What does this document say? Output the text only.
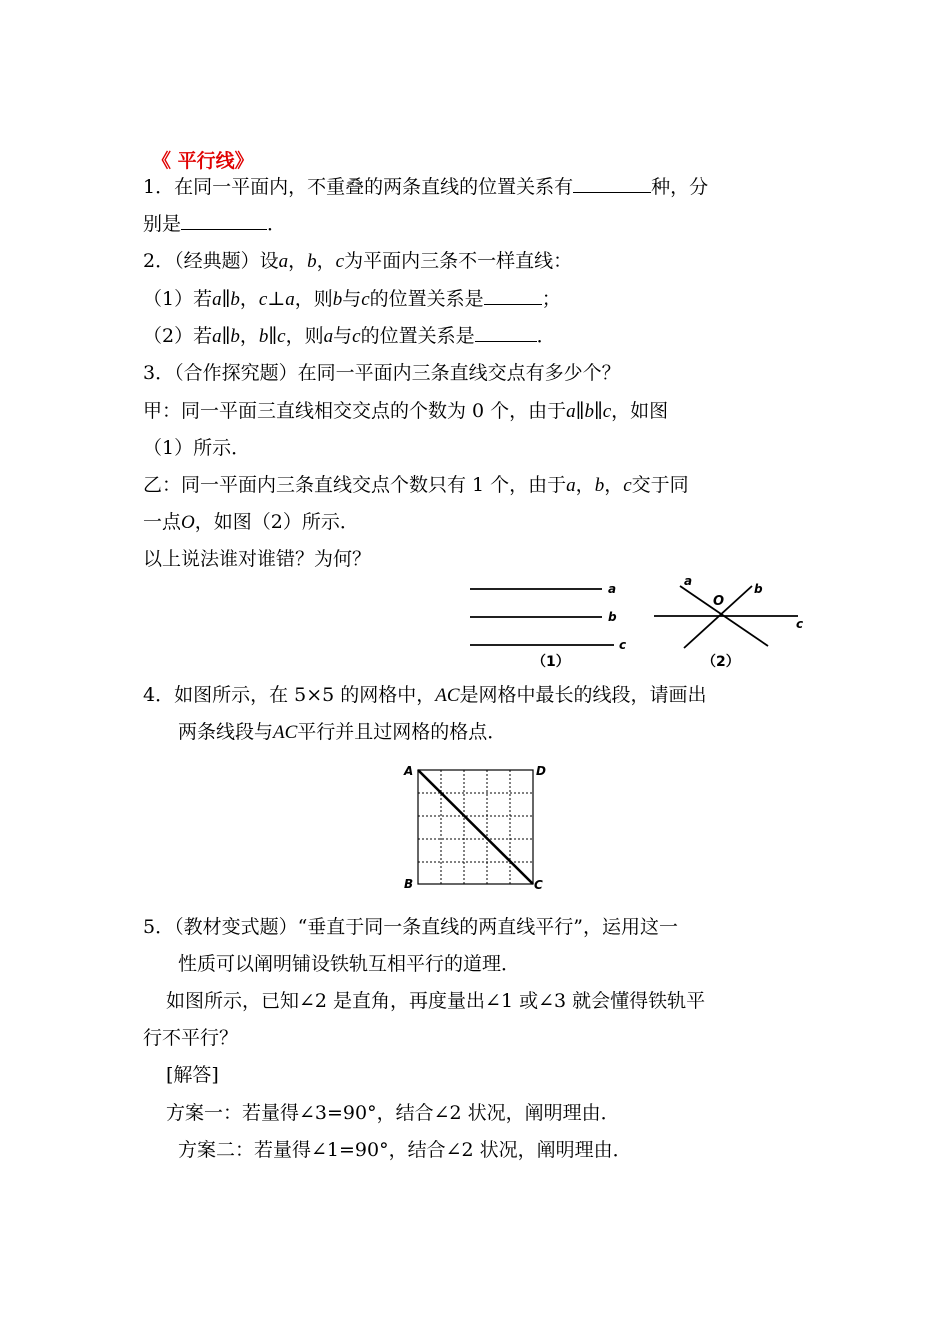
《 平行线》
1．在同一平面内，不重叠的两条直线的位置关系有	种，分
别是	．
2．（经典题）设a，b，c为平面内三条不一样直线：
（1）若a∥b，c⊥a，则b与c的位置关系是	；
（2）若a∥b，b∥c，则a与c的位置关系是	．
3．（合作探究题）在同一平面内三条直线交点有多少个？
甲：同一平面三直线相交交点的个数为 0 个，由于a∥b∥c，如图
（1）所示．
乙：同一平面内三条直线交点个数只有 1 个，由于a，b，c交于同
一点O，如图（2）所示．
以上说法谁对谁错？为何？
a
b
c
（1）
a
O
b
c
（2）
4．如图所示，在 5×5 的网格中，AC是网格中最长的线段，请画出
两条线段与AC平行并且过网格的格点．
A	D
B	C
5．（教材变式题）“垂直于同一条直线的两直线平行”，运用这一
性质可以阐明铺设铁轨互相平行的道理．
如图所示，已知∠2 是直角，再度量出∠1 或∠3 就会懂得铁轨平
行不平行？
[解答]
方案一：若量得∠3=90°，结合∠2 状况，阐明理由．
方案二：若量得∠1=90°，结合∠2 状况，阐明理由．
